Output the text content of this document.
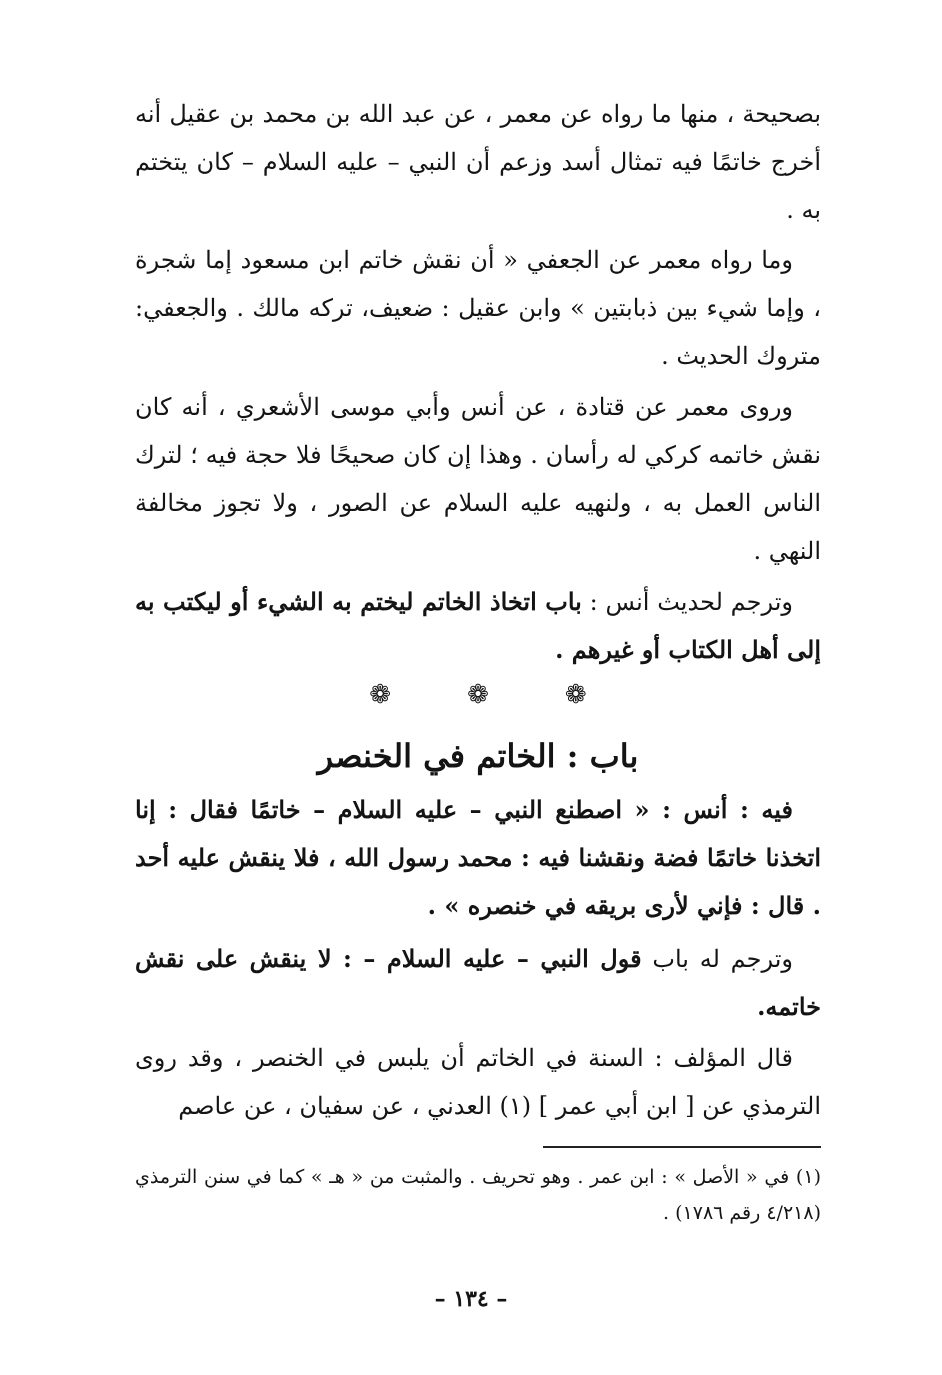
بصحيحة ، منها ما رواه عن معمر ، عن عبد الله بن محمد بن عقيل أنه أخرج خاتمًا فيه تمثال أسد وزعم أن النبي – عليه السلام – كان يتختم به .

وما رواه معمر عن الجعفي « أن نقش خاتم ابن مسعود إما شجرة ، وإما شيء بين ذبابتين » وابن عقيل : ضعيف، تركه مالك . والجعفي: متروك الحديث .

وروى معمر عن قتادة ، عن أنس وأبي موسى الأشعري ، أنه كان نقش خاتمه كركي له رأسان . وهذا إن كان صحيحًا فلا حجة فيه ؛ لترك الناس العمل به ، ولنهيه عليه السلام عن الصور ، ولا تجوز مخالفة النهي .

وترجم لحديث أنس : باب اتخاذ الخاتم ليختم به الشيء أو ليكتب به إلى أهل الكتاب أو غيرهم .

❁❁❁
باب : الخاتم في الخنصر

فيه : أنس : « اصطنع النبي – عليه السلام – خاتمًا فقال : إنا اتخذنا خاتمًا فضة ونقشنا فيه : محمد رسول الله ، فلا ينقش عليه أحد . قال : فإني لأرى بريقه في خنصره » .

وترجم له باب قول النبي – عليه السلام – : لا ينقش على نقش خاتمه.

قال المؤلف : السنة في الخاتم أن يلبس في الخنصر ، وقد روى الترمذي عن [ ابن أبي عمر ] (١) العدني ، عن سفيان ، عن عاصم

(١) في « الأصل » : ابن عمر . وهو تحريف . والمثبت من « هـ » كما في سنن الترمذي (٤/٢١٨ رقم ١٧٨٦) .

– ١٣٤ –
